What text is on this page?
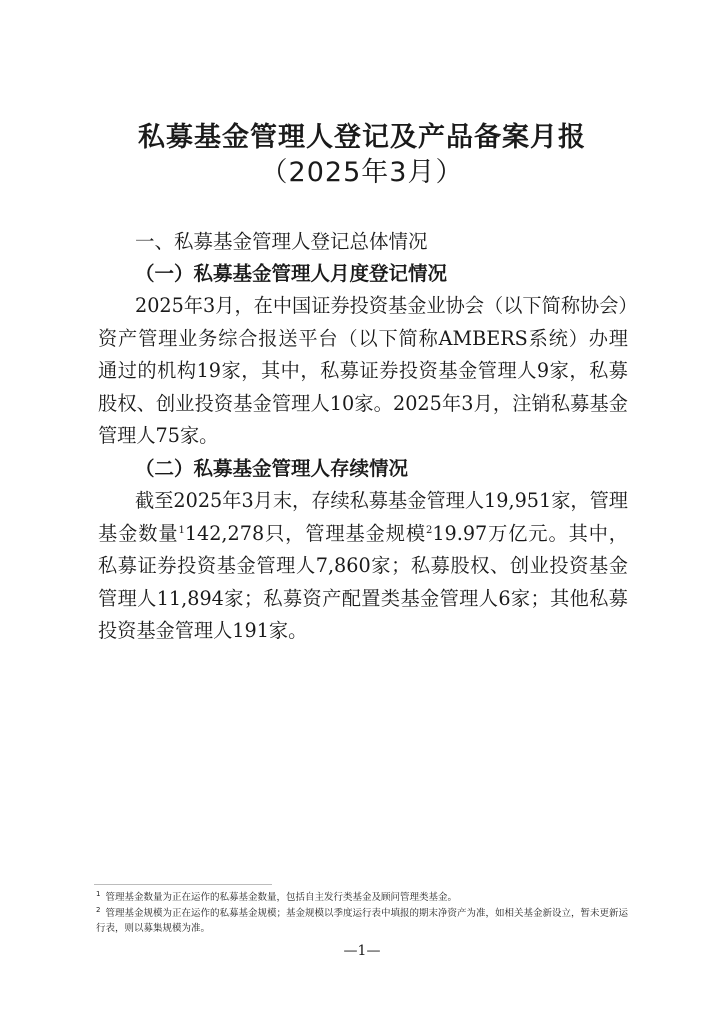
私募基金管理人登记及产品备案月报
（2025年3月）
一、私募基金管理人登记总体情况
（一）私募基金管理人月度登记情况

2025年3月，在中国证券投资基金业协会（以下简称协会）资产管理业务综合报送平台（以下简称AMBERS系统）办理通过的机构19家，其中，私募证券投资基金管理人9家，私募股权、创业投资基金管理人10家。2025年3月，注销私募基金管理人75家。

（二）私募基金管理人存续情况

截至2025年3月末，存续私募基金管理人19,951家，管理基金数量$^1$142,278只，管理基金规模$^2$19.97万亿元。其中，私募证券投资基金管理人7,860家；私募股权、创业投资基金管理人11,894家；私募资产配置类基金管理人6家；其他私募投资基金管理人191家。

$^1$ 管理基金数量为正在运作的私募基金数量，包括自主发行类基金及顾问管理类基金。

$^2$ 管理基金规模为正在运作的私募基金规模；基金规模以季度运行表中填报的期末净资产为准，如相关基金新设立，暂未更新运行表，则以募集规模为准。

—1—
